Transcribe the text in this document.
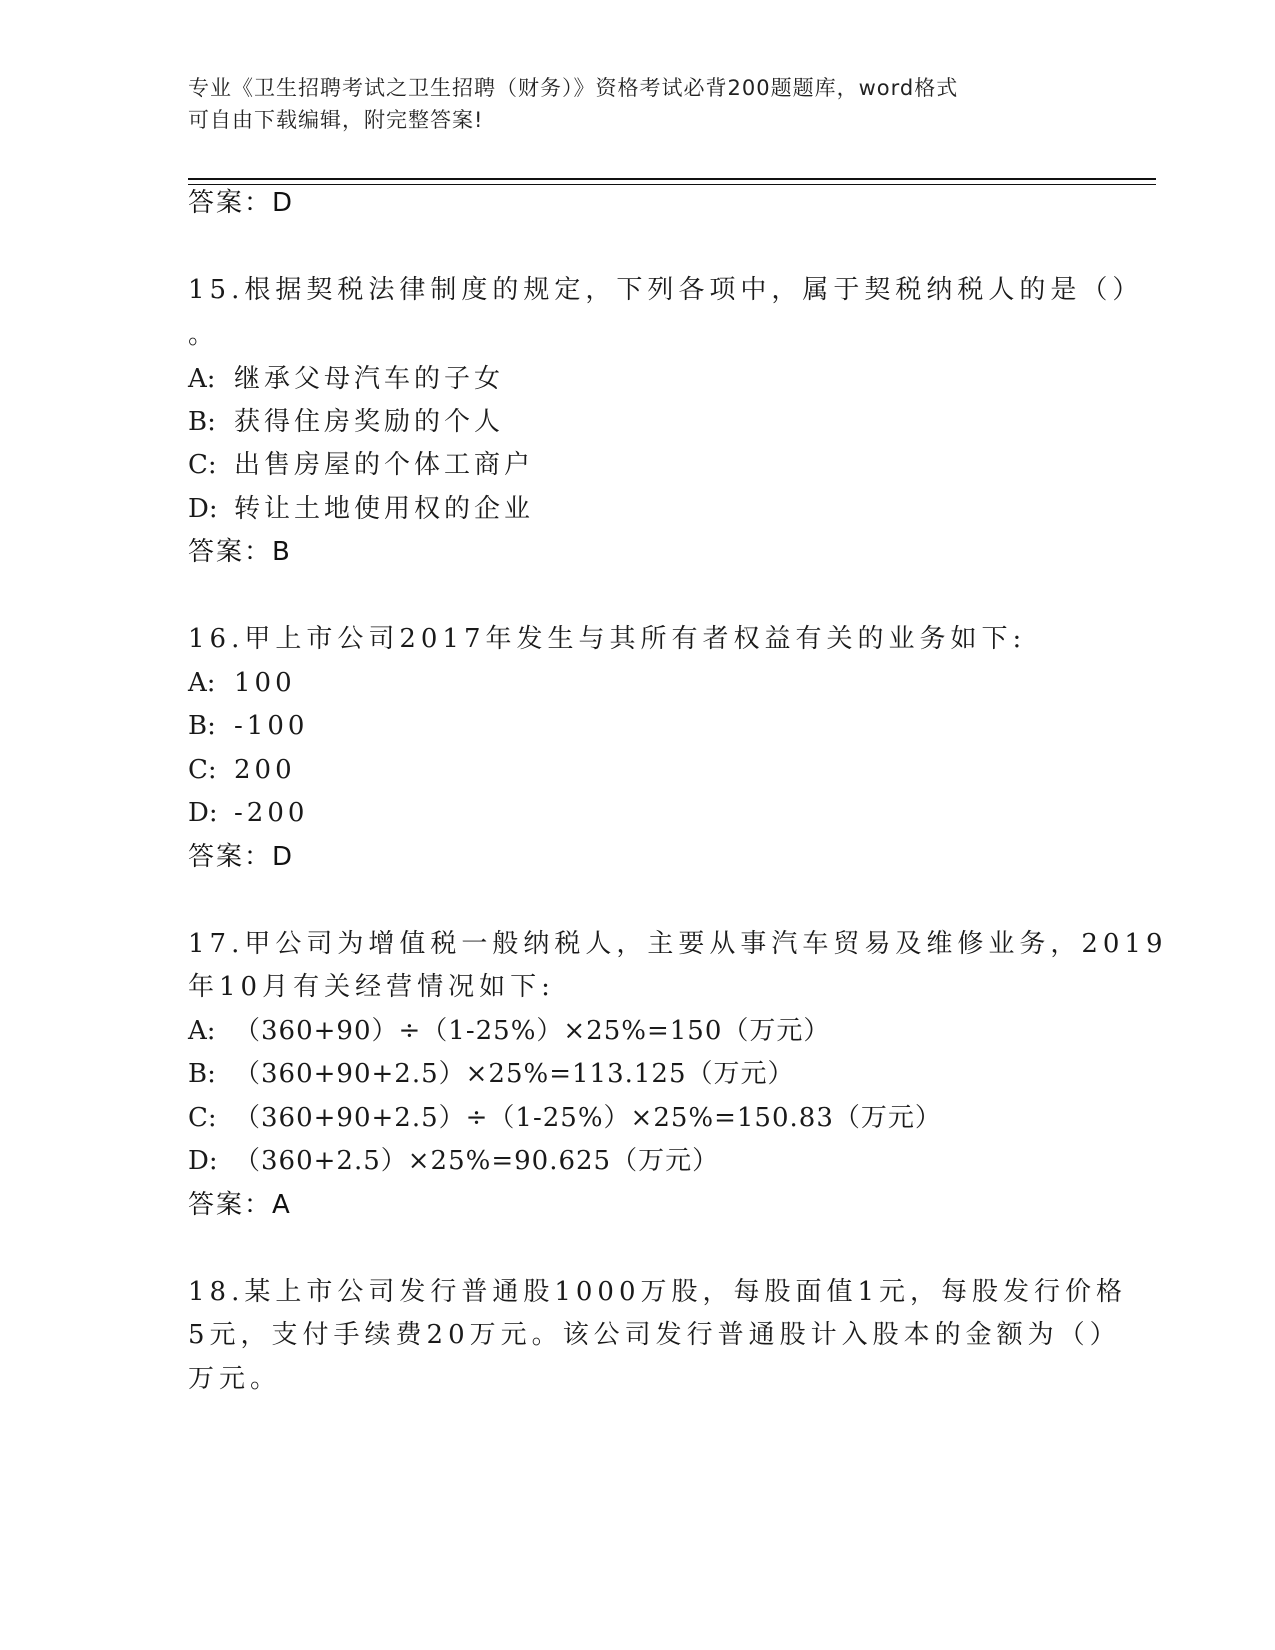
专业《卫生招聘考试之卫生招聘（财务）》资格考试必背200题题库，word格式
可自由下载编辑，附完整答案!
答案：D
15.根据契税法律制度的规定，下列各项中，属于契税纳税人的是（）
。
A: 继承父母汽车的子女
B: 获得住房奖励的个人
C: 出售房屋的个体工商户
D: 转让土地使用权的企业
答案：B
16.甲上市公司2017年发生与其所有者权益有关的业务如下:
A: 100
B: -100
C: 200
D: -200
答案：D
17.甲公司为增值税一般纳税人，主要从事汽车贸易及维修业务，2019
年10月有关经营情况如下:
A: （360+90）÷（1-25%）×25%=150（万元）
B: （360+90+2.5）×25%=113.125（万元）
C: （360+90+2.5）÷（1-25%）×25%=150.83（万元）
D: （360+2.5）×25%=90.625（万元）
答案：A
18.某上市公司发行普通股1000万股，每股面值1元，每股发行价格
5元，支付手续费20万元。该公司发行普通股计入股本的金额为（）
万元。
